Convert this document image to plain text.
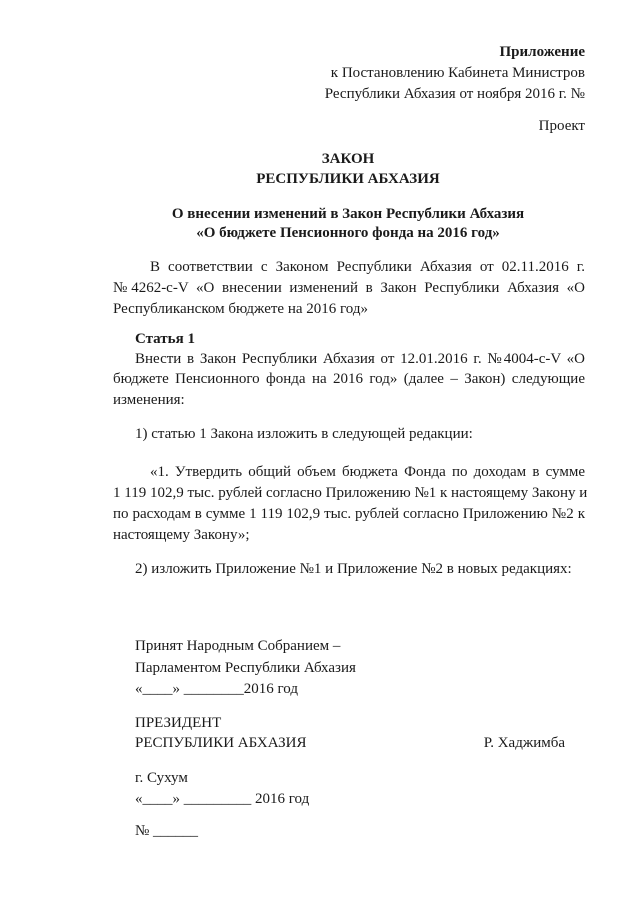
Приложение
к Постановлению Кабинета Министров
Республики Абхазия от ноября 2016 г. №
Проект
ЗАКОН
РЕСПУБЛИКИ АБХАЗИЯ
О внесении изменений в Закон Республики Абхазия
«О бюджете Пенсионного фонда на 2016 год»
В соответствии с Законом Республики Абхазия от 02.11.2016 г.
№4262-с-V «О внесении изменений в Закон Республики Абхазия «О
Республиканском бюджете на 2016 год»
Статья 1
Внести в Закон Республики Абхазия от 12.01.2016 г. №4004-с-V «О
бюджете Пенсионного фонда на 2016 год» (далее – Закон) следующие
изменения:
1) статью 1 Закона изложить в следующей редакции:
«1. Утвердить общий объем бюджета Фонда по доходам в сумме
1 119 102,9 тыс. рублей согласно Приложению №1 к настоящему Закону и
по расходам в сумме 1 119 102,9 тыс. рублей согласно Приложению №2 к
настоящему Закону»;
2) изложить Приложение №1 и Приложение №2 в новых редакциях:
Принят Народным Собранием –
Парламентом Республики Абхазия
«____» ________2016 год
ПРЕЗИДЕНТ
РЕСПУБЛИКИ АБХАЗИЯ	Р. Хаджимба
г. Сухум
«____» _________ 2016 год
№ ______
